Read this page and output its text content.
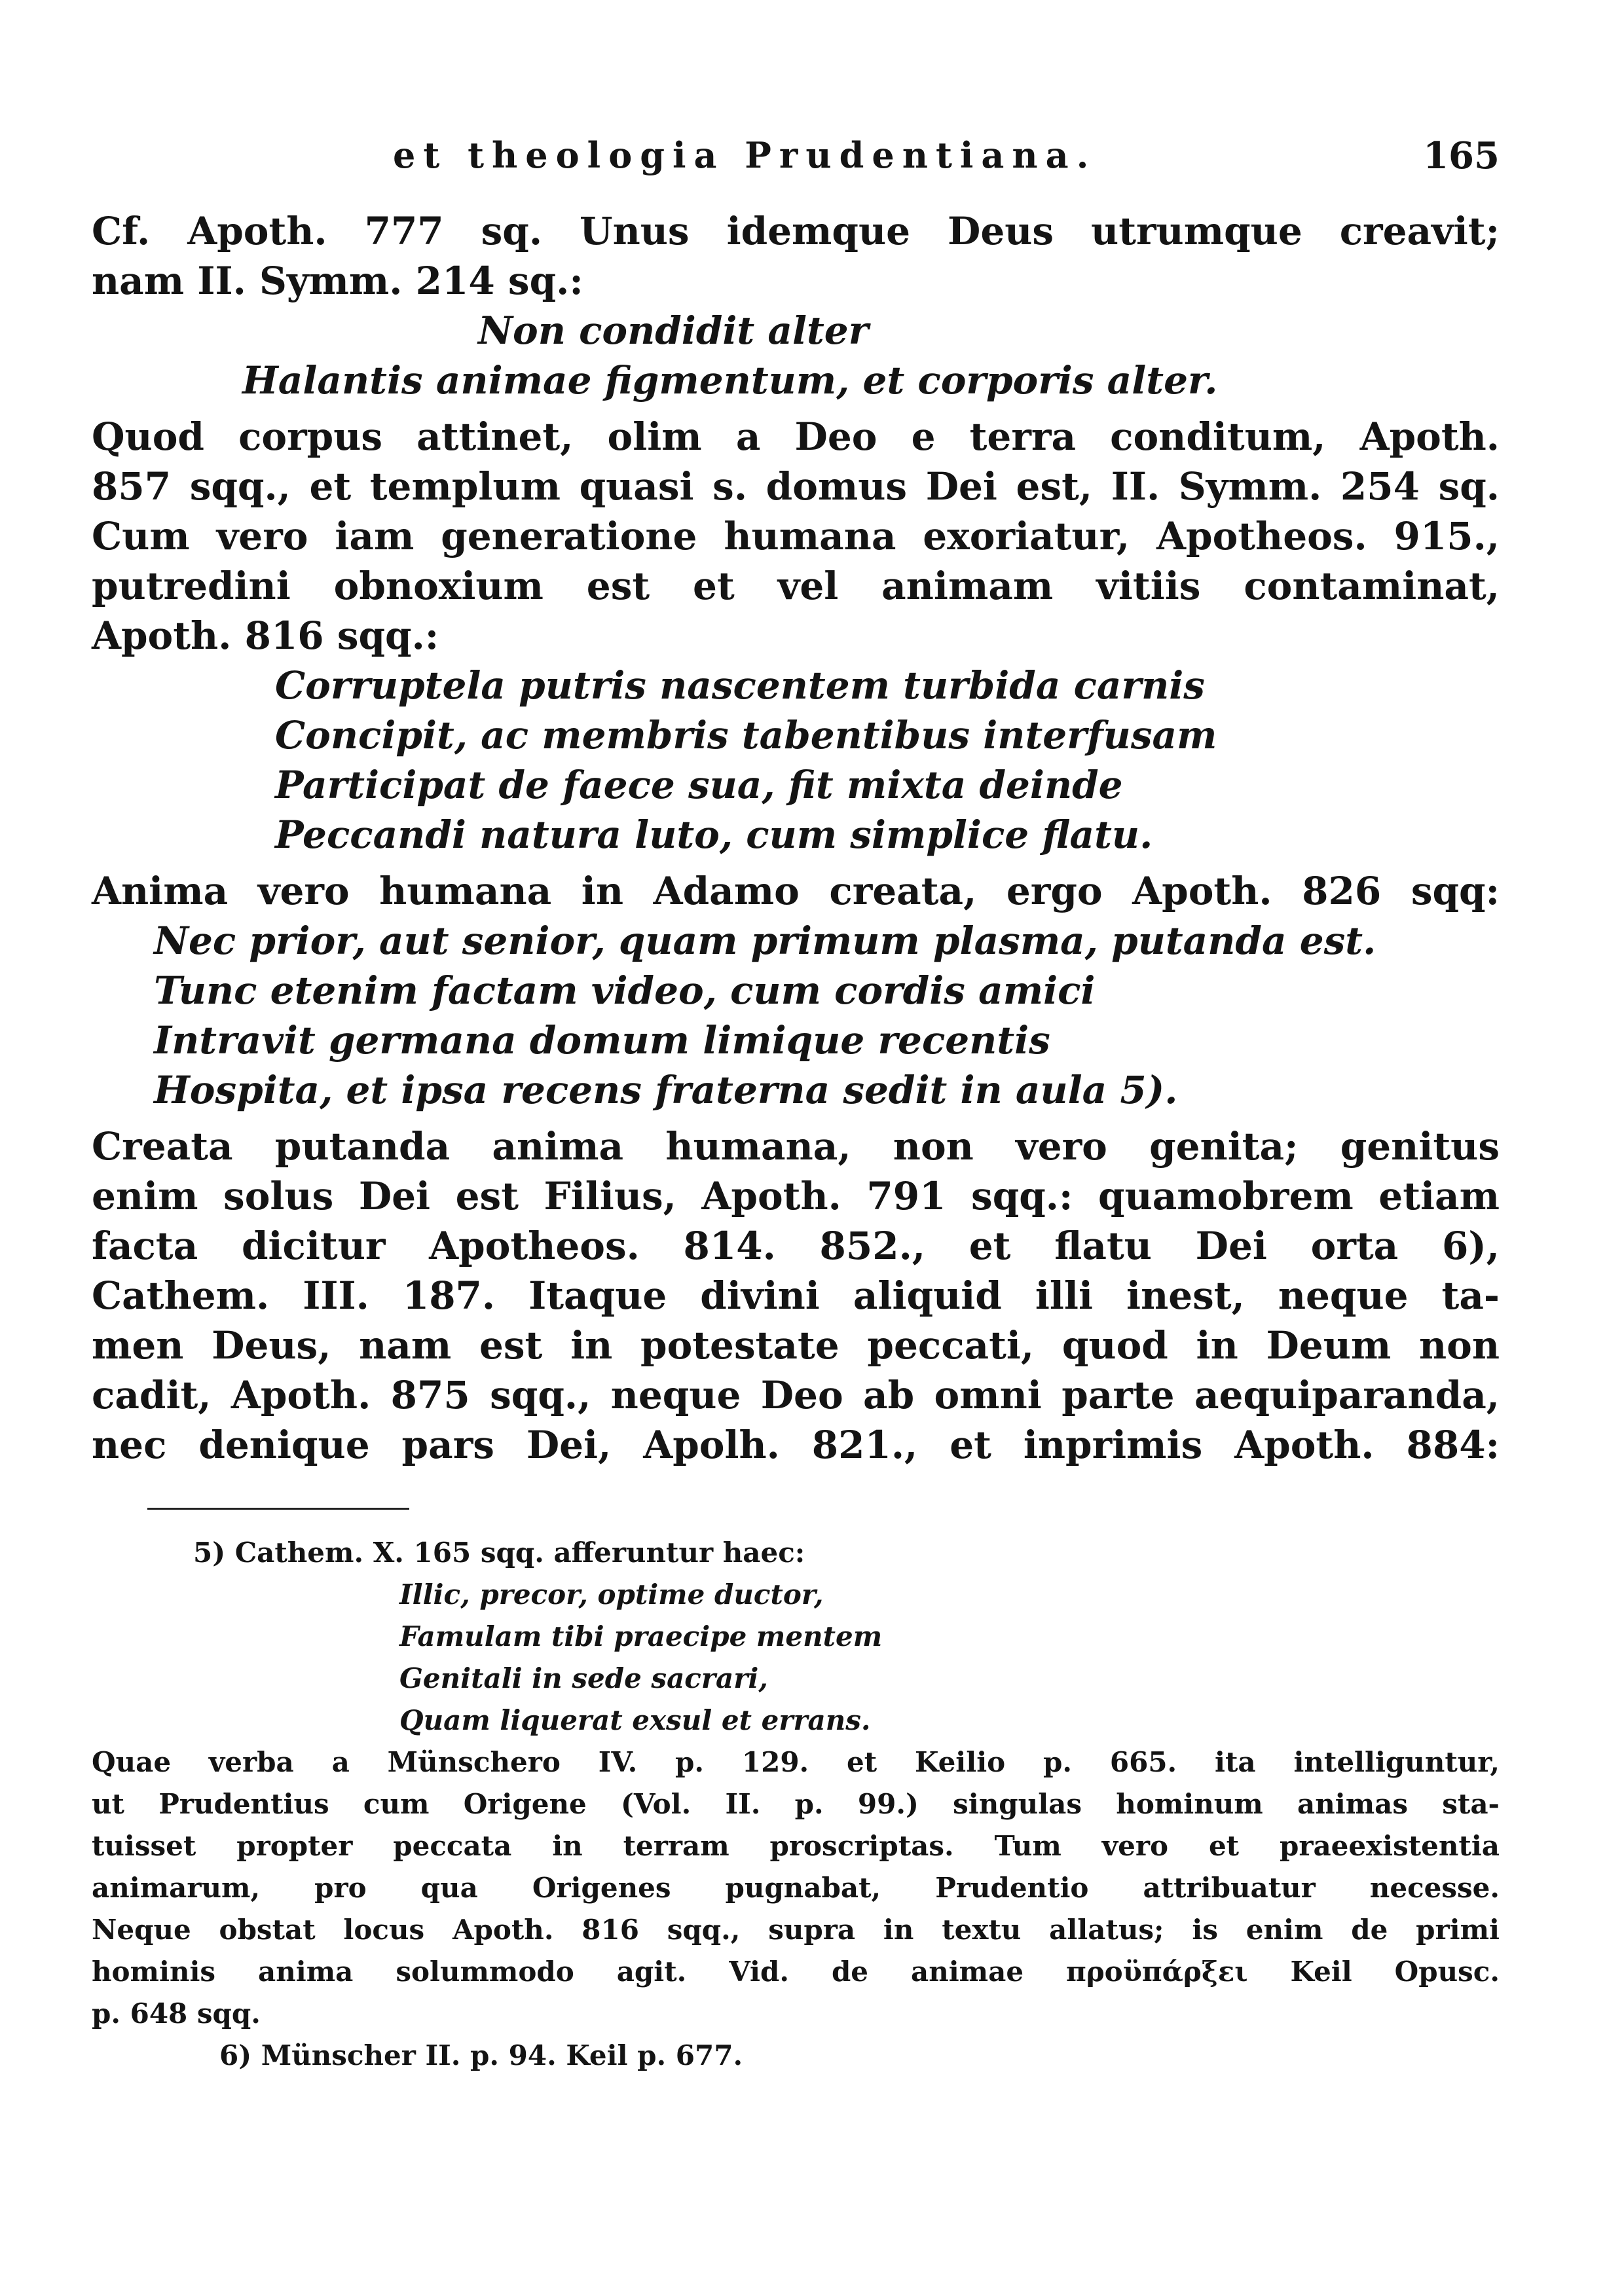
et theologia Prudentiana.	165
Cf. Apoth. 777 sq. Unus idemque Deus utrumque creavit;
nam II. Symm. 214 sq.:
Non condidit alter
Halantis animae figmentum, et corporis alter.
Quod corpus attinet, olim a Deo e terra conditum, Apoth.
857 sqq., et templum quasi s. domus Dei est, II. Symm. 254 sq.
Cum vero iam generatione humana exoriatur, Apotheos. 915.,
putredini obnoxium est et vel animam vitiis contaminat,
Apoth. 816 sqq.:
Corruptela putris nascentem turbida carnis
Concipit, ac membris tabentibus interfusam
Participat de faece sua, fit mixta deinde
Peccandi natura luto, cum simplice flatu.
Anima vero humana in Adamo creata, ergo Apoth. 826 sqq:
Nec prior, aut senior, quam primum plasma, putanda est.
Tunc etenim factam video, cum cordis amici
Intravit germana domum limique recentis
Hospita, et ipsa recens fraterna sedit in aula 5).
Creata putanda anima humana, non vero genita; genitus
enim solus Dei est Filius, Apoth. 791 sqq.: quamobrem etiam
facta dicitur Apotheos. 814. 852., et flatu Dei orta 6),
Cathem. III. 187. Itaque divini aliquid illi inest, neque ta-
men Deus, nam est in potestate peccati, quod in Deum non
cadit, Apoth. 875 sqq., neque Deo ab omni parte aequiparanda,
nec denique pars Dei, Apolh. 821., et inprimis Apoth. 884:
5) Cathem. X. 165 sqq. afferuntur haec:
Illic, precor, optime ductor,
Famulam tibi praecipe mentem
Genitali in sede sacrari,
Quam liquerat exsul et errans.
Quae verba a Münschero IV. p. 129. et Keilio p. 665. ita intelliguntur,
ut Prudentius cum Origene (Vol. II. p. 99.) singulas hominum animas sta-
tuisset propter peccata in terram proscriptas. Tum vero et praeexistentia
animarum, pro qua Origenes pugnabat, Prudentio attribuatur necesse.
Neque obstat locus Apoth. 816 sqq., supra in textu allatus; is enim de primi
hominis anima solummodo agit. Vid. de animae προϋπάρξει Keil Opusc.
p. 648 sqq.
6) Münscher II. p. 94. Keil p. 677.
